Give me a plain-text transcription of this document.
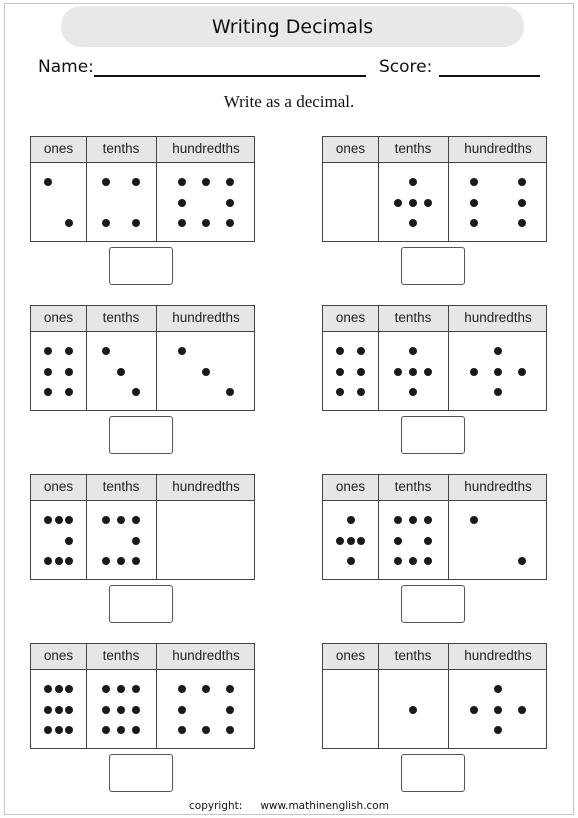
Writing Decimals
Name:	Score:
Write as a decimal.
ones	tenths	hundredths	ones	tenths	hundredths
ones	tenths	hundredths	ones	tenths	hundredths
ones	tenths	hundredths	ones	tenths	hundredths
ones	tenths	hundredths	ones	tenths	hundredths
copyright: www.mathinenglish.com
